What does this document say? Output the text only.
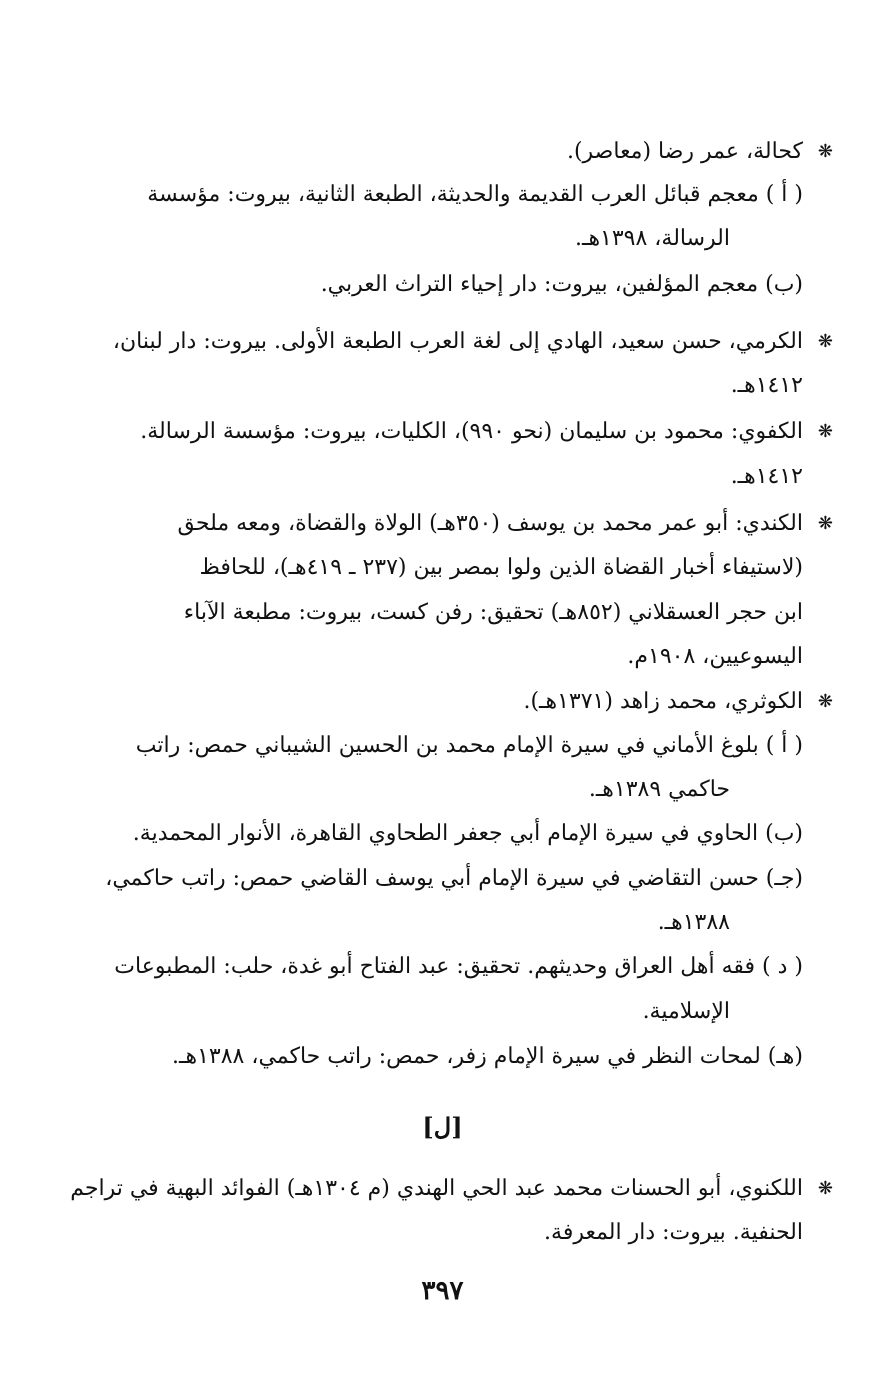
❋
كحالة، عمر رضا (معاصر).
( أ ) معجم قبائل العرب القديمة والحديثة، الطبعة الثانية، بيروت: مؤسسة
الرسالة، ١٣٩٨هـ.
(ب) معجم المؤلفين، بيروت: دار إحياء التراث العربي.
❋
الكرمي، حسن سعيد، الهادي إلى لغة العرب الطبعة الأولى. بيروت: دار لبنان،
١٤١٢هـ.
❋
الكفوي: محمود بن سليمان (نحو ٩٩٠)، الكليات، بيروت: مؤسسة الرسالة.
١٤١٢هـ.
❋
الكندي: أبو عمر محمد بن يوسف (٣٥٠هـ) الولاة والقضاة، ومعه ملحق
(لاستيفاء أخبار القضاة الذين ولوا بمصر بين (٢٣٧ ـ ٤١٩هـ)، للحافظ
ابن حجر العسقلاني (٨٥٢هـ) تحقيق: رفن كست، بيروت: مطبعة الآباء
اليسوعيين، ١٩٠٨م.
❋
الكوثري، محمد زاهد (١٣٧١هـ).
( أ ) بلوغ الأماني في سيرة الإمام محمد بن الحسين الشيباني حمص: راتب
حاكمي ١٣٨٩هـ.
(ب) الحاوي في سيرة الإمام أبي جعفر الطحاوي القاهرة، الأنوار المحمدية.
(جـ) حسن التقاضي في سيرة الإمام أبي يوسف القاضي حمص: راتب حاكمي،
١٣٨٨هـ.
( د ) فقه أهل العراق وحديثهم. تحقيق: عبد الفتاح أبو غدة، حلب: المطبوعات
الإسلامية.
(هـ) لمحات النظر في سيرة الإمام زفر، حمص: راتب حاكمي، ١٣٨٨هـ.
[ل]
❋
اللكنوي، أبو الحسنات محمد عبد الحي الهندي (م ١٣٠٤هـ) الفوائد البهية في تراجم
الحنفية. بيروت: دار المعرفة.
٣٩٧
